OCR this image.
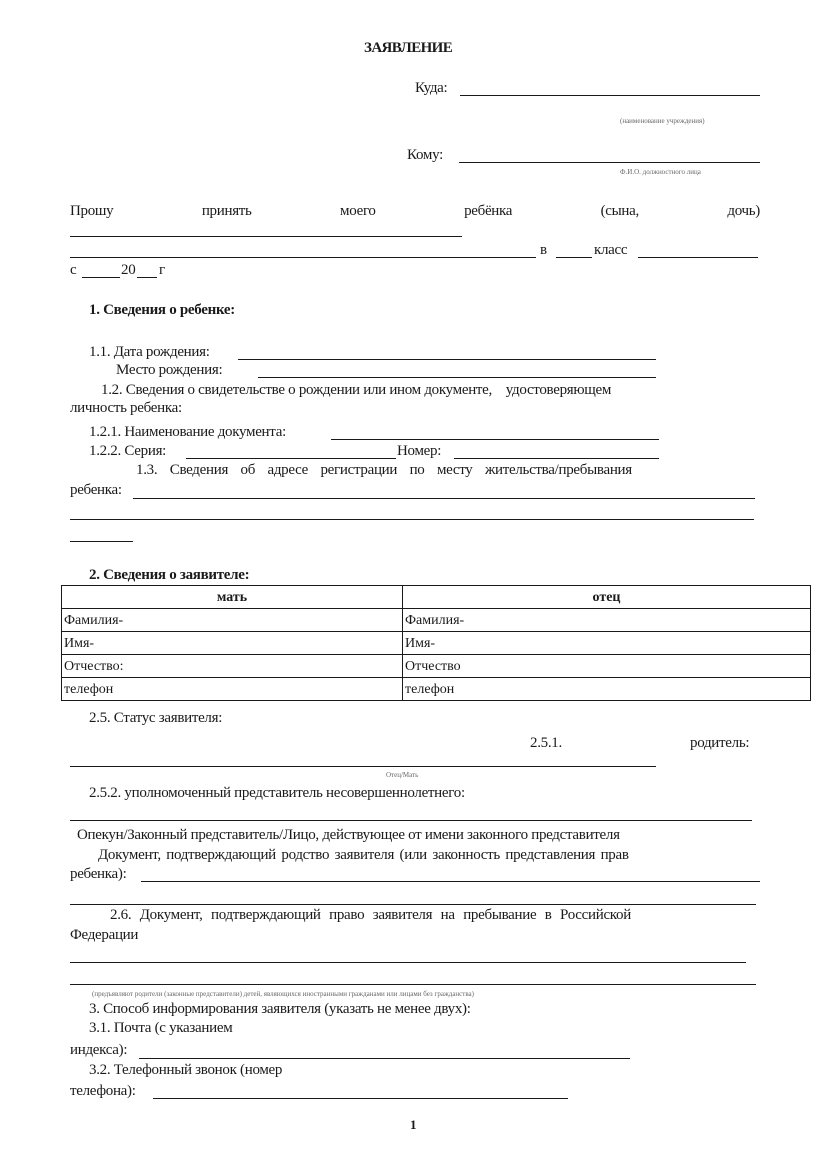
ЗАЯВЛЕНИЕ
Куда:
(наименование учреждения)
Кому:
Ф.И.О. должностного лица
Прошу	принять	моего	ребёнка	(сына,	дочь)
в	класс
с	20 г
1. Сведения о ребенке:
1.1. Дата рождения:
Место рождения:
1.2. Сведения о свидетельстве о рождении или ином документе,    удостоверяющем
личность ребенка:
1.2.1. Наименование документа:
1.2.2. Серия:	Номер:
1.3. Сведения об адресе регистрации по месту жительства/пребывания
ребенка:
2. Сведения о заявителе:
мать	отец
Фамилия-	Фамилия-
Имя-	Имя-
Отчество:	Отчество
телефон	телефон
2.5. Статус заявителя:
2.5.1.	родитель:
Отец/Мать
2.5.2. уполномоченный представитель несовершеннолетнего:
Опекун/Законный представитель/Лицо, действующее от имени законного представителя
Документ, подтверждающий родство заявителя (или законность представления прав
ребенка):
2.6. Документ, подтверждающий право заявителя на пребывание в Российской
Федерации
(предъявляют родители (законные представители) детей, являющихся иностранными гражданами или лицами без гражданства)
3. Способ информирования заявителя (указать не менее двух):
3.1. Почта (с указанием
индекса):
3.2. Телефонный звонок (номер
телефона):
1
